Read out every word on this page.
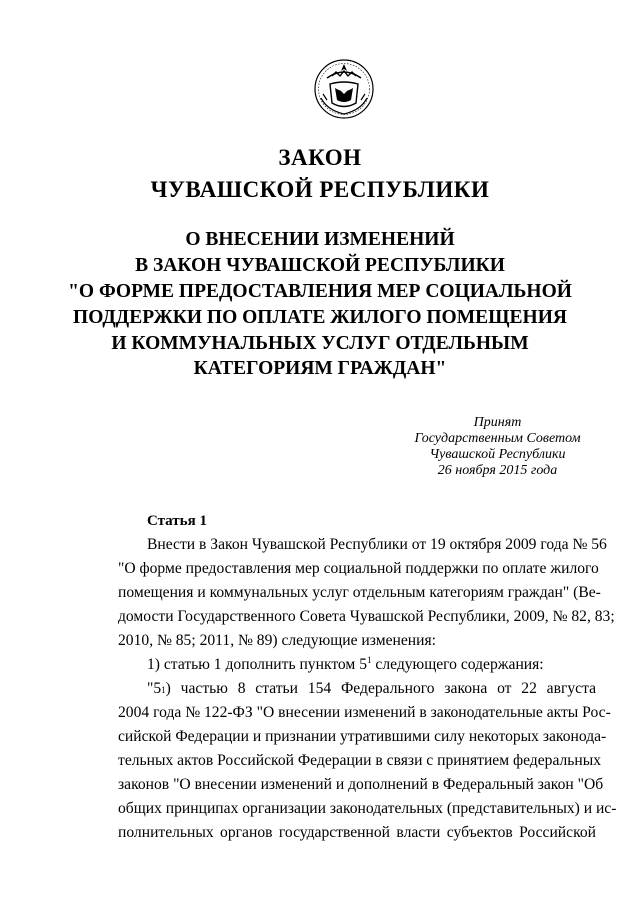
ЗАКОН
ЧУВАШСКОЙ РЕСПУБЛИКИ
О ВНЕСЕНИИ ИЗМЕНЕНИЙ
В ЗАКОН ЧУВАШСКОЙ РЕСПУБЛИКИ
"О ФОРМЕ ПРЕДОСТАВЛЕНИЯ МЕР СОЦИАЛЬНОЙ
ПОДДЕРЖКИ ПО ОПЛАТЕ ЖИЛОГО ПОМЕЩЕНИЯ
И КОММУНАЛЬНЫХ УСЛУГ ОТДЕЛЬНЫМ
КАТЕГОРИЯМ ГРАЖДАН"
Принят
Государственным Советом
Чувашской Республики
26 ноября 2015 года
Статья 1
Внести в Закон Чувашской Республики от 19 октября 2009 года № 56
"О форме предоставления мер социальной поддержки по оплате жилого
помещения и коммунальных услуг отдельным категориям граждан" (Ве-
домости Государственного Совета Чувашской Республики, 2009, № 82, 83;
2010, № 85; 2011, № 89) следующие изменения:
1) статью 1 дополнить пунктом $5^1$ следующего содержания:
"5 1 ) частью 8 статьи 154 Федерального закона от 22 августа
2004 года № 122-ФЗ "О внесении изменений в законодательные акты Рос-
сийской Федерации и признании утратившими силу некоторых законода-
тельных актов Российской Федерации в связи с принятием федеральных
законов "О внесении изменений и дополнений в Федеральный закон "Об
общих принципах организации законодательных (представительных) и ис-
полнительных органов государственной власти субъектов Российской
